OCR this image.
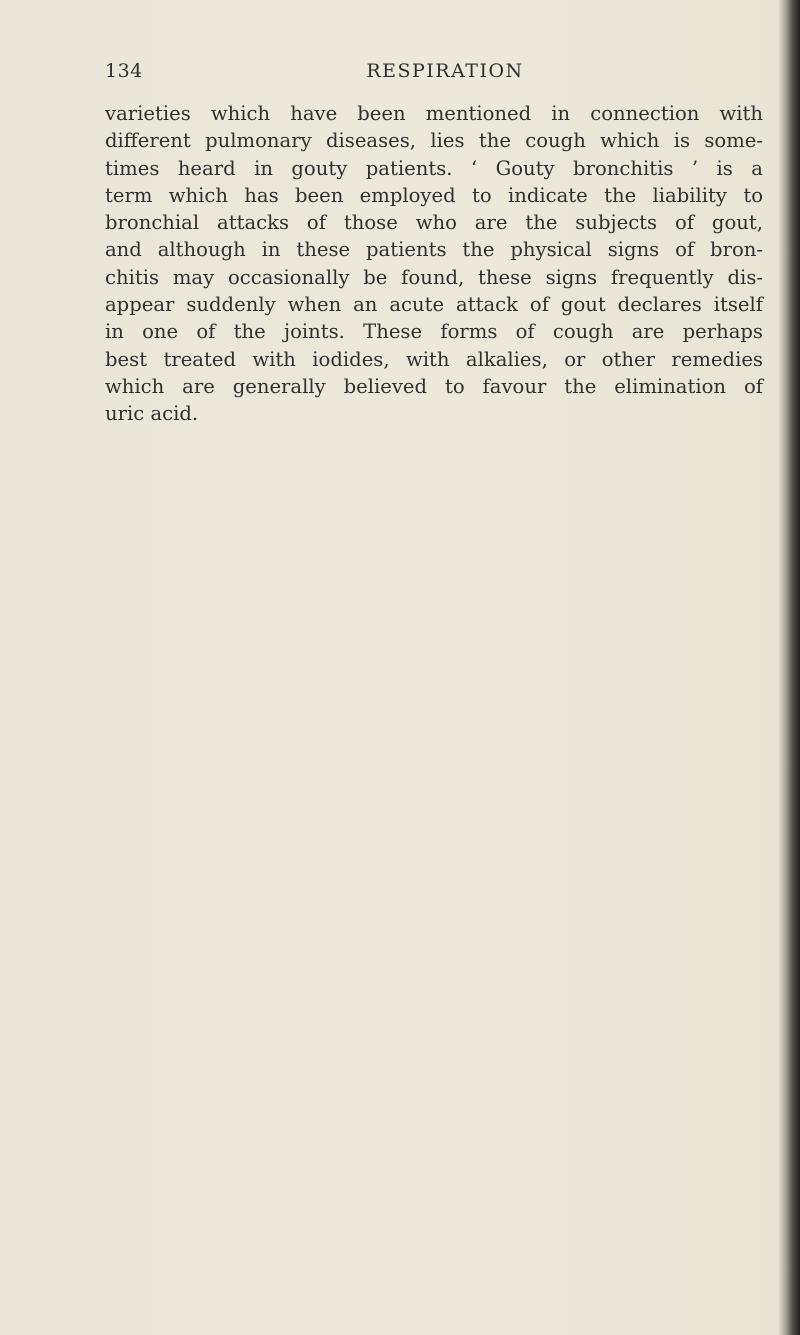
134	RESPIRATION
varieties which have been mentioned in connection with
different pulmonary diseases, lies the cough which is some-
times heard in gouty patients. ‘ Gouty bronchitis ’ is a
term which has been employed to indicate the liability to
bronchial attacks of those who are the subjects of gout,
and although in these patients the physical signs of bron-
chitis may occasionally be found, these signs frequently dis-
appear suddenly when an acute attack of gout declares itself
in one of the joints. These forms of cough are perhaps
best treated with iodides, with alkalies, or other remedies
which are generally believed to favour the elimination of
uric acid.
